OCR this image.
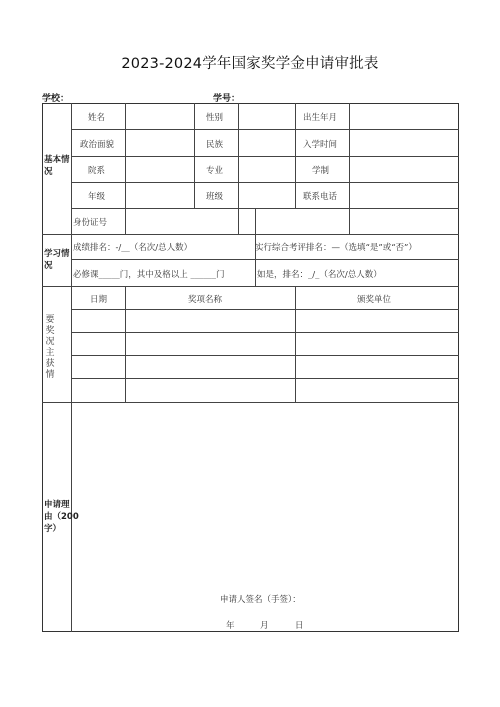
2023-2024学年国家奖学金申请审批表
学校：	学号：
基本情
况
姓名	性别	出生年月
政治面貌	民族	入学时间
院系	专业	学制
年级	班级	联系电话
身份证号
学习情
况
成绩排名：-/__（名次/总人数）	实行综合考评排名：—（选填“是”或“否”）
必修课_____门，其中及格以上 ______门	如是，排名：_/_（名次/总人数）
要
奖
况
主
获
情
日期	奖项名称	颁奖单位
申请理
由（200
字）
申请人签名（手签）：
年	月	日
